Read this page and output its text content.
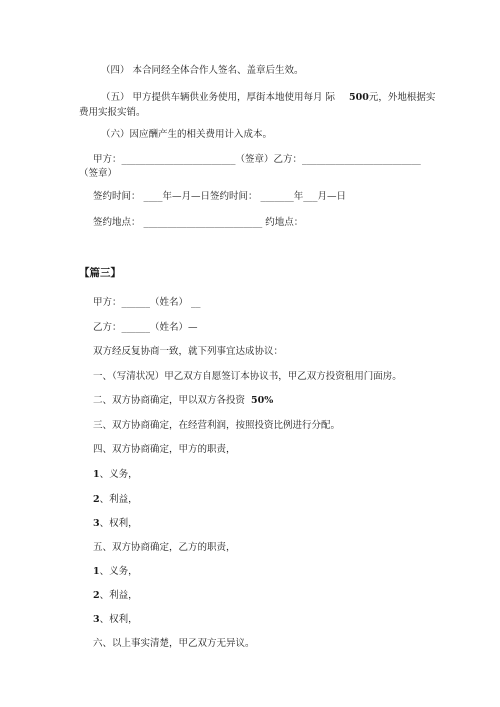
（四） 本合同经全体合作人签名、盖章后生效。
（五） 甲方提供车辆供业务使用，厚街本地使用每月 际 500元，外地根据实
费用实报实销。
（六）因应酬产生的相关费用计入成本。
甲方：________________________（签章）乙方：_________________________
（签章）
签约时间： ____年—月—日签约时间： _______年___月—日
签约地点： _________________________ 约地点：
【篇三】
甲方：______（姓名） __
乙方：______（姓名）—
双方经反复协商一致，就下列事宜达成协议：
一、（写清状况）甲乙双方自愿签订本协议书，甲乙双方投资租用门面房。
二、双方协商确定，甲以双方各投资 50%
三、双方协商确定，在经营利润，按照投资比例进行分配。
四、双方协商确定，甲方的职责，
1、义务，
2、利益，
3、权利，
五、双方协商确定，乙方的职责，
1、义务，
2、利益，
3、权利，
六、以上事实清楚，甲乙双方无异议。
